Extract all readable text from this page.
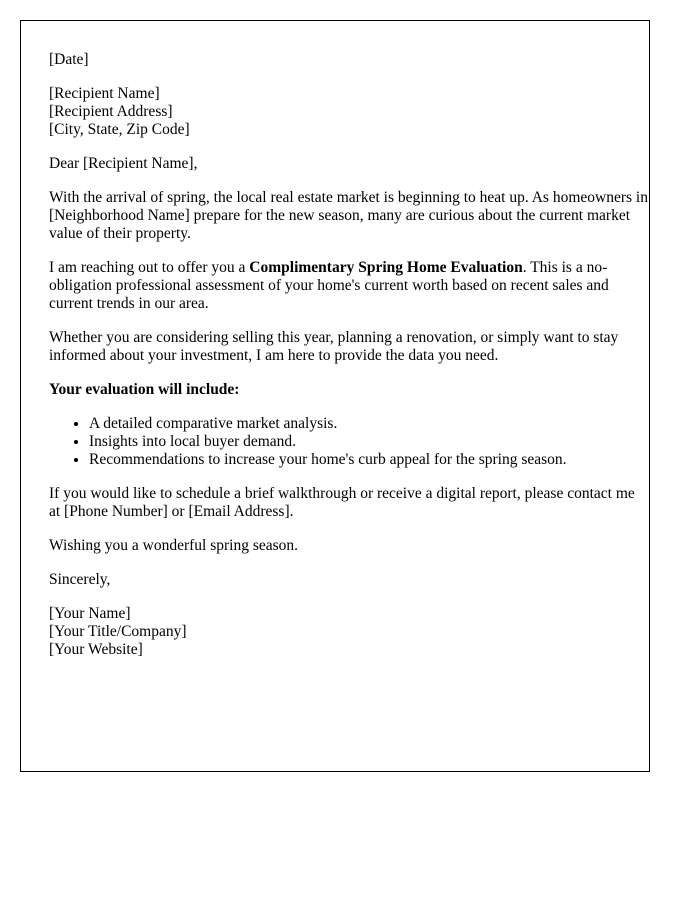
[Date]

[Recipient Name]
[Recipient Address]
[City, State, Zip Code]

Dear [Recipient Name],

With the arrival of spring, the local real estate market is beginning to heat up. As homeowners in [Neighborhood Name] prepare for the new season, many are curious about the current market value of their property.

I am reaching out to offer you a Complimentary Spring Home Evaluation. This is a no-obligation professional assessment of your home's current worth based on recent sales and current trends in our area.

Whether you are considering selling this year, planning a renovation, or simply want to stay informed about your investment, I am here to provide the data you need.

Your evaluation will include:

• A detailed comparative market analysis.
• Insights into local buyer demand.
• Recommendations to increase your home's curb appeal for the spring season.

If you would like to schedule a brief walkthrough or receive a digital report, please contact me at [Phone Number] or [Email Address].

Wishing you a wonderful spring season.

Sincerely,

[Your Name]
[Your Title/Company]
[Your Website]
